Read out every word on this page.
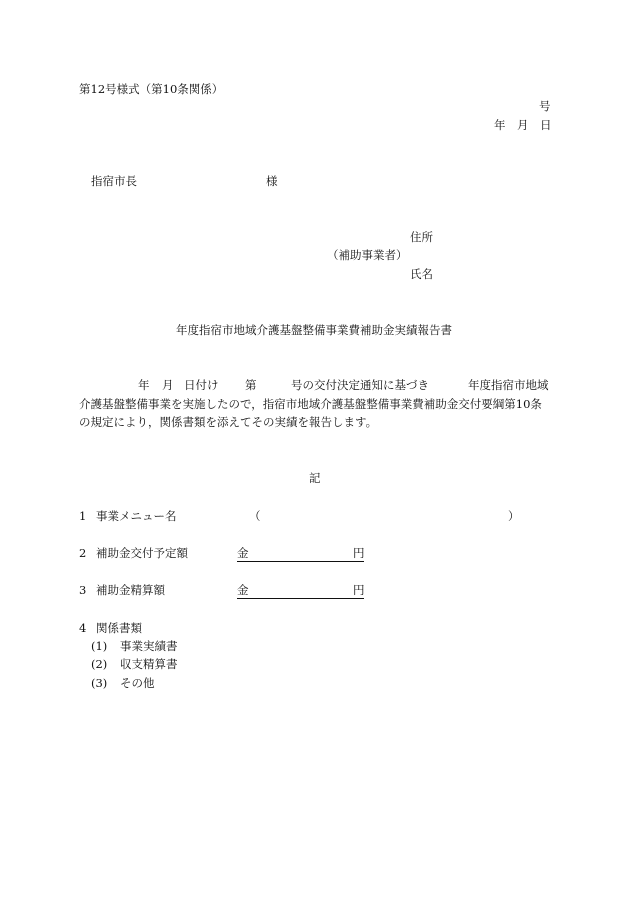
第12号様式（第10条関係）
号
年 月 日
指宿市長	様
住所
（補助事業者）
氏名
年度指宿市地域介護基盤整備事業費補助金実績報告書
年 月 日付け 第	号の交付決定通知に基づき	年度指宿市地域
介護基盤整備事業を実施したので，指宿市地域介護基盤整備事業費補助金交付要綱第10条
の規定により，関係書類を添えてその実績を報告します。
記
1 事業メニュー名	（	）
2 補助金交付予定額	金	円
3 補助金精算額	金	円
4 関係書類
(1) 事業実績書
(2) 収支精算書
(3) その他
